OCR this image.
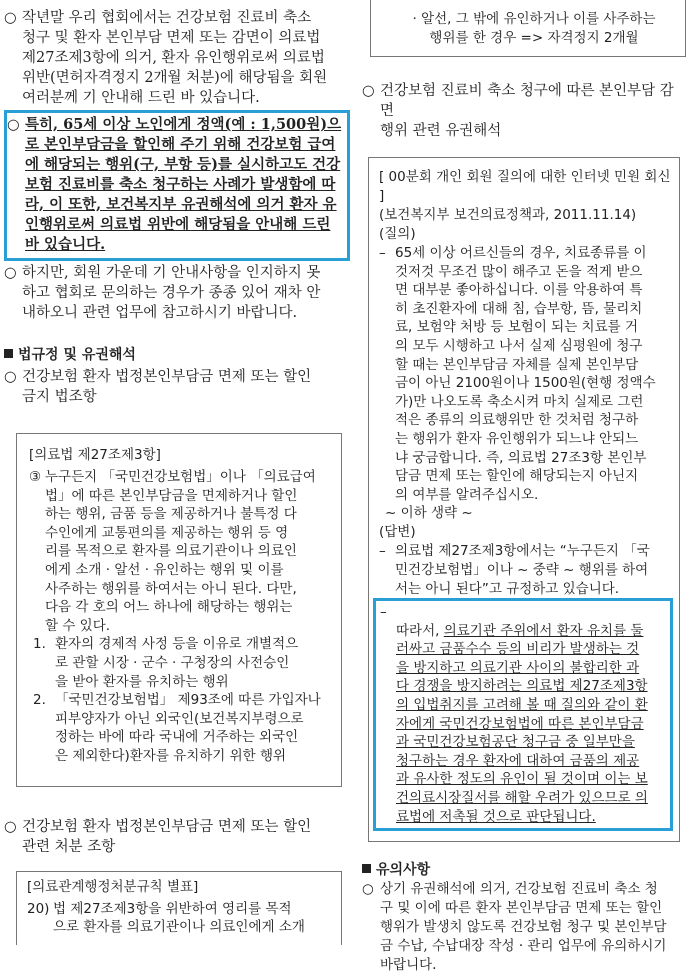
○ 작년말 우리 협회에서는 건강보험 진료비 축소
청구 및 환자 본인부담 면제 또는 감면이 의료법
제27조제3항에 의거, 환자 유인행위로써 의료법
위반(면허자격정지 2개월 처분)에 해당됨을 회원
여러분께 기 안내해 드린 바 있습니다.

○ 특히, 65세 이상 노인에게 정액(예 : 1,500원)으
로 본인부담금을 할인해 주기 위해 건강보험 급여
에 해당되는 행위(구, 부항 등)를 실시하고도 건강
보험 진료비를 축소 청구하는 사례가 발생함에 따
라, 이 또한, 보건복지부 유권해석에 의거 환자 유
인행위로써 의료법 위반에 해당됨을 안내해 드린
바 있습니다.

○ 하지만, 회원 가운데 기 안내사항을 인지하지 못
하고 협회로 문의하는 경우가 종종 있어 재차 안
내하오니 관련 업무에 참고하시기 바랍니다.

법규정 및 유권해석

○ 건강보험 환자 법정본인부담금 면제 또는 할인
금지 법조항

[의료법 제27조제3항]
③ 누구든지 「국민건강보험법」이나 「의료급여
법」에 따른 본인부담금을 면제하거나 할인
하는 행위, 금품 등을 제공하거나 불특정 다
수인에게 교통편의를 제공하는 행위 등 영
리를 목적으로 환자를 의료기관이나 의료인
에게 소개 · 알선 · 유인하는 행위 및 이를
사주하는 행위를 하여서는 아니 된다. 다만,
다음 각 호의 어느 하나에 해당하는 행위는
할 수 있다.
1. 환자의 경제적 사정 등을 이유로 개별적으
로 관할 시장 · 군수 · 구청장의 사전승인
을 받아 환자를 유치하는 행위
2. 「국민건강보험법」 제93조에 따른 가입자나
피부양자가 아닌 외국인(보건복지부령으로
정하는 바에 따라 국내에 거주하는 외국인
은 제외한다)환자를 유치하기 위한 행위

○ 건강보험 환자 법정본인부담금 면제 또는 할인
관련 처분 조항

[의료관계행정처분규칙 별표]
20) 법 제27조제3항을 위반하여 영리를 목적
으로 환자를 의료기관이나 의료인에게 소개
· 알선, 그 밖에 유인하거나 이를 사주하는
행위를 한 경우 => 자격정지 2개월

○ 건강보험 진료비 축소 청구에 따른 본인부담 감면
행위 관련 유권해석

[ 00분회 개인 회원 질의에 대한 인터넷 민원 회신 ]
(보건복지부 보건의료정책과, 2011.11.14)
(질의)
– 65세 이상 어르신들의 경우, 치료종류를 이
것저것 무조건 많이 해주고 돈을 적게 받으
면 대부분 좋아하십니다. 이를 악용하여 특
히 초진환자에 대해 침, 습부항, 뜸, 물리치
료, 보험약 처방 등 보험이 되는 치료를 거
의 모두 시행하고 나서 실제 심평원에 청구
할 때는 본인부담금 자체를 실제 본인부담
금이 아닌 2100원이나 1500원(현행 정액수
가)만 나오도록 축소시켜 마치 실제로 그런
적은 종류의 의료행위만 한 것처럼 청구하
는 행위가 환자 유인행위가 되느냐 안되느
냐 궁금합니다. 즉, 의료법 27조3항 본인부
담금 면제 또는 할인에 해당되는지 아닌지
의 여부를 알려주십시오.
~ 이하 생략 ~
(답변)
– 의료법 제27조제3항에서는 “누구든지 「국
민건강보험법」이나 ~ 중략 ~ 행위를 하여
서는 아니 된다”고 규정하고 있습니다.

–
따라서, 의료기관 주위에서 환자 유치를 둘
러싸고 금품수수 등의 비리가 발생하는 것
을 방지하고 의료기관 사이의 불합리한 과
다 경쟁을 방지하려는 의료법 제27조제3항
의 입법취지를 고려해 볼 때 질의와 같이 환
자에게 국민건강보험법에 따른 본인부담금
과 국민건강보험공단 청구금 중 일부만을
청구하는 경우 환자에 대하여 금품의 제공
과 유사한 정도의 유인이 될 것이며 이는 보
건의료시장질서를 해할 우려가 있으므로 의
료법에 저촉될 것으로 판단됩니다.

유의사항

○ 상기 유권해석에 의거, 건강보험 진료비 축소 청
구 및 이에 따른 환자 본인부담금 면제 또는 할인
행위가 발생치 않도록 건강보험 청구 및 본인부담
금 수납, 수납대장 작성 · 관리 업무에 유의하시기
바랍니다.
